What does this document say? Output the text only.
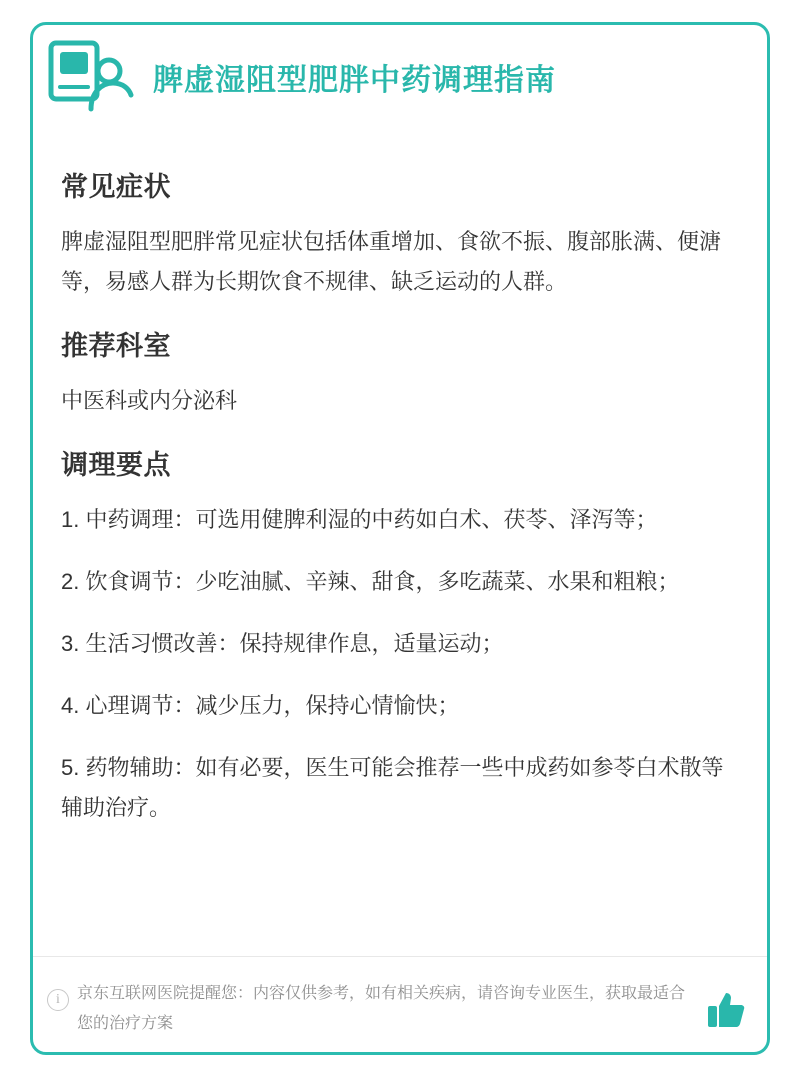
脾虚湿阻型肥胖中药调理指南
常见症状

脾虚湿阻型肥胖常见症状包括体重增加、食欲不振、腹部胀满、便溏等，易感人群为长期饮食不规律、缺乏运动的人群。

推荐科室

中医科或内分泌科

调理要点

1. 中药调理：可选用健脾利湿的中药如白术、茯苓、泽泻等；

2. 饮食调节：少吃油腻、辛辣、甜食，多吃蔬菜、水果和粗粮；

3. 生活习惯改善：保持规律作息，适量运动；

4. 心理调节：减少压力，保持心情愉快；

5. 药物辅助：如有必要，医生可能会推荐一些中成药如参苓白术散等辅助治疗。

i	京东互联网医院提醒您：内容仅供参考，如有相关疾病，请咨询专业医生，获取最适合您的治疗方案
